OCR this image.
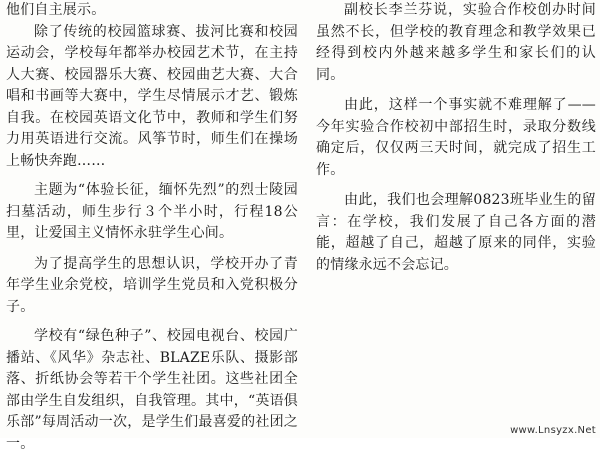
他们自主展示。

除了传统的校园篮球赛、拔河比赛和校园运动会，学校每年都举办校园艺术节，在主持人大赛、校园器乐大赛、校园曲艺大赛、大合唱和书画等大赛中，学生尽情展示才艺、锻炼自我。在校园英语文化节中，教师和学生们努力用英语进行交流。风筝节时，师生们在操场上畅快奔跑……

主题为“体验长征，缅怀先烈”的烈士陵园扫墓活动，师生步行３个半小时，行程18公里，让爱国主义情怀永驻学生心间。

为了提高学生的思想认识，学校开办了青年学生业余党校，培训学生党员和入党积极分子。

学校有“绿色种子”、校园电视台、校园广播站、《风华》杂志社、BLAZE乐队、摄影部落、折纸协会等若干个学生社团。这些社团全部由学生自发组织，自我管理。其中，“英语俱乐部”每周活动一次，是学生们最喜爱的社团之一。

副校长李兰芬说，实验合作校创办时间虽然不长，但学校的教育理念和教学效果已经得到校内外越来越多学生和家长们的认同。

由此，这样一个事实就不难理解了——今年实验合作校初中部招生时，录取分数线确定后，仅仅两三天时间，就完成了招生工作。

由此，我们也会理解0823班毕业生的留言：在学校，我们发展了自己各方面的潜能，超越了自己，超越了原来的同伴，实验的情缘永远不会忘记。

www.Lnsyzx.Net
